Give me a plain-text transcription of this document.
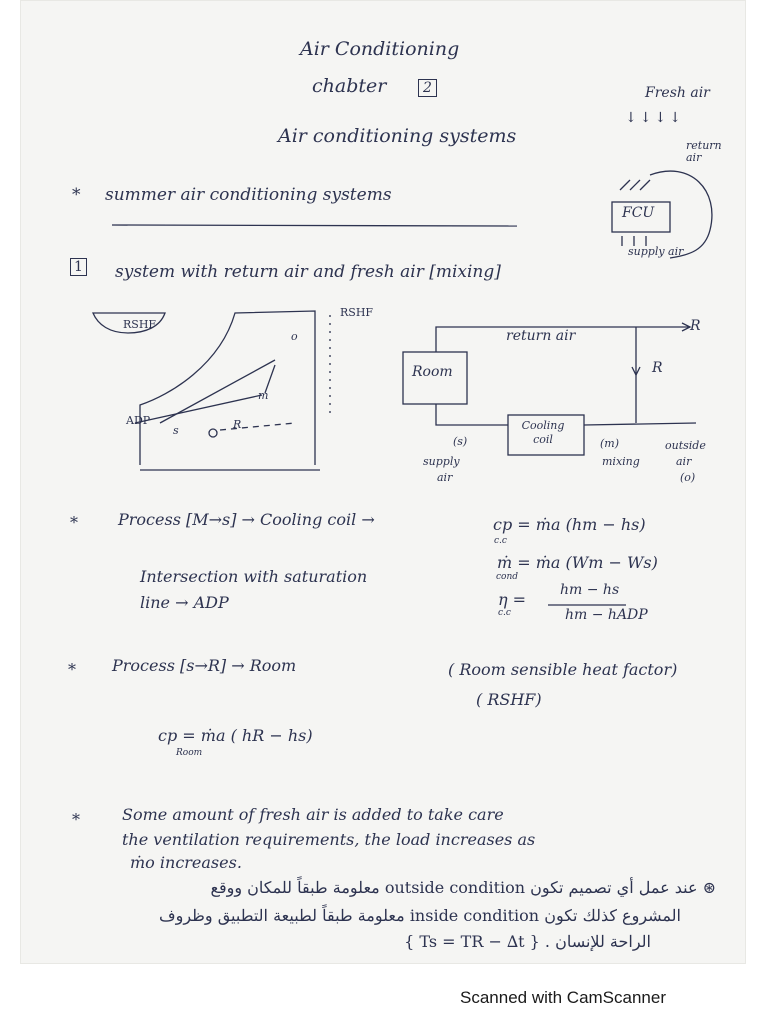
Air Conditioning
chabter	2
Air conditioning systems
Fresh air
↓↓↓↓
return air
FCU
supply air
* summer air conditioning systems
1 system with return air and fresh air [mixing]
RSHF
RSHF
o
m
ADP
s	R
return air
R
R
Room
Cooling coil
(s)
supply
air
(m)
mixing
outside
air
(o)
*	Process [M→s] → Cooling coil →	cp = ṁa (hm − hs)
c.c
ṁ = ṁa (Wm − Ws)
cond
η =
c.c
hm − hs
hm − hADP
Intersection with saturation
line → ADP
* Process [s→R] → Room	( Room sensible heat factor)
( RSHF)
cp = ṁa ( hR − hs)
Room
*	Some amount of fresh air is added to take care
the ventilation requirements, the load increases as
ṁo increases.
⊛ عند عمل أي تصميم تكون outside condition معلومة طبقاً للمكان ووقع
المشروع كذلك تكون inside condition معلومة طبقاً لطبيعة التطبيق وظروف
الراحة للإنسان . { Ts = TR − ∆t }
Scanned with CamScanner
